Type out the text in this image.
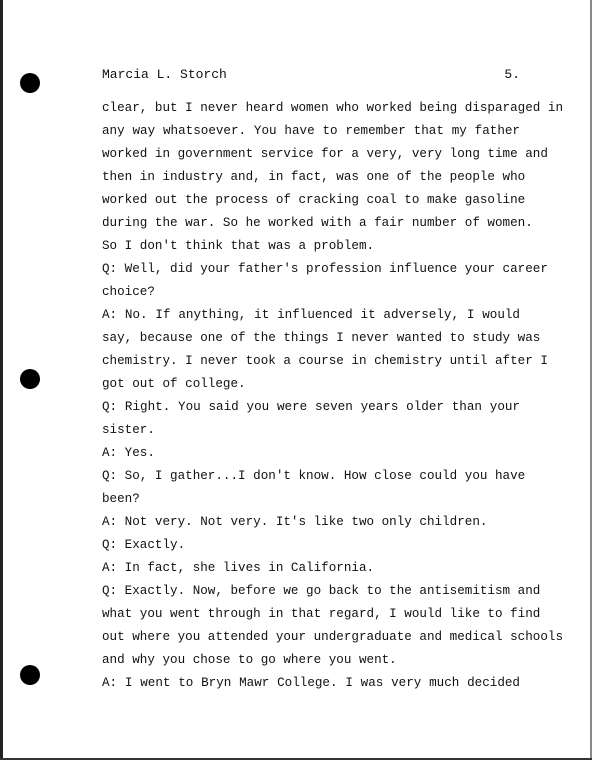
Marcia L. Storch	5.
clear, but I never heard women who worked being disparaged in
any way whatsoever. You have to remember that my father
worked in government service for a very, very long time and
then in industry and, in fact, was one of the people who
worked out the process of cracking coal to make gasoline
during the war. So he worked with a fair number of women.
So I don't think that was a problem.
Q: Well, did your father's profession influence your career
choice?
A: No. If anything, it influenced it adversely, I would
say, because one of the things I never wanted to study was
chemistry. I never took a course in chemistry until after I
got out of college.
Q: Right. You said you were seven years older than your
sister.
A: Yes.
Q: So, I gather...I don't know. How close could you have
been?
A: Not very. Not very. It's like two only children.
Q: Exactly.
A: In fact, she lives in California.
Q: Exactly. Now, before we go back to the antisemitism and
what you went through in that regard, I would like to find
out where you attended your undergraduate and medical schools
and why you chose to go where you went.
A: I went to Bryn Mawr College. I was very much decided
